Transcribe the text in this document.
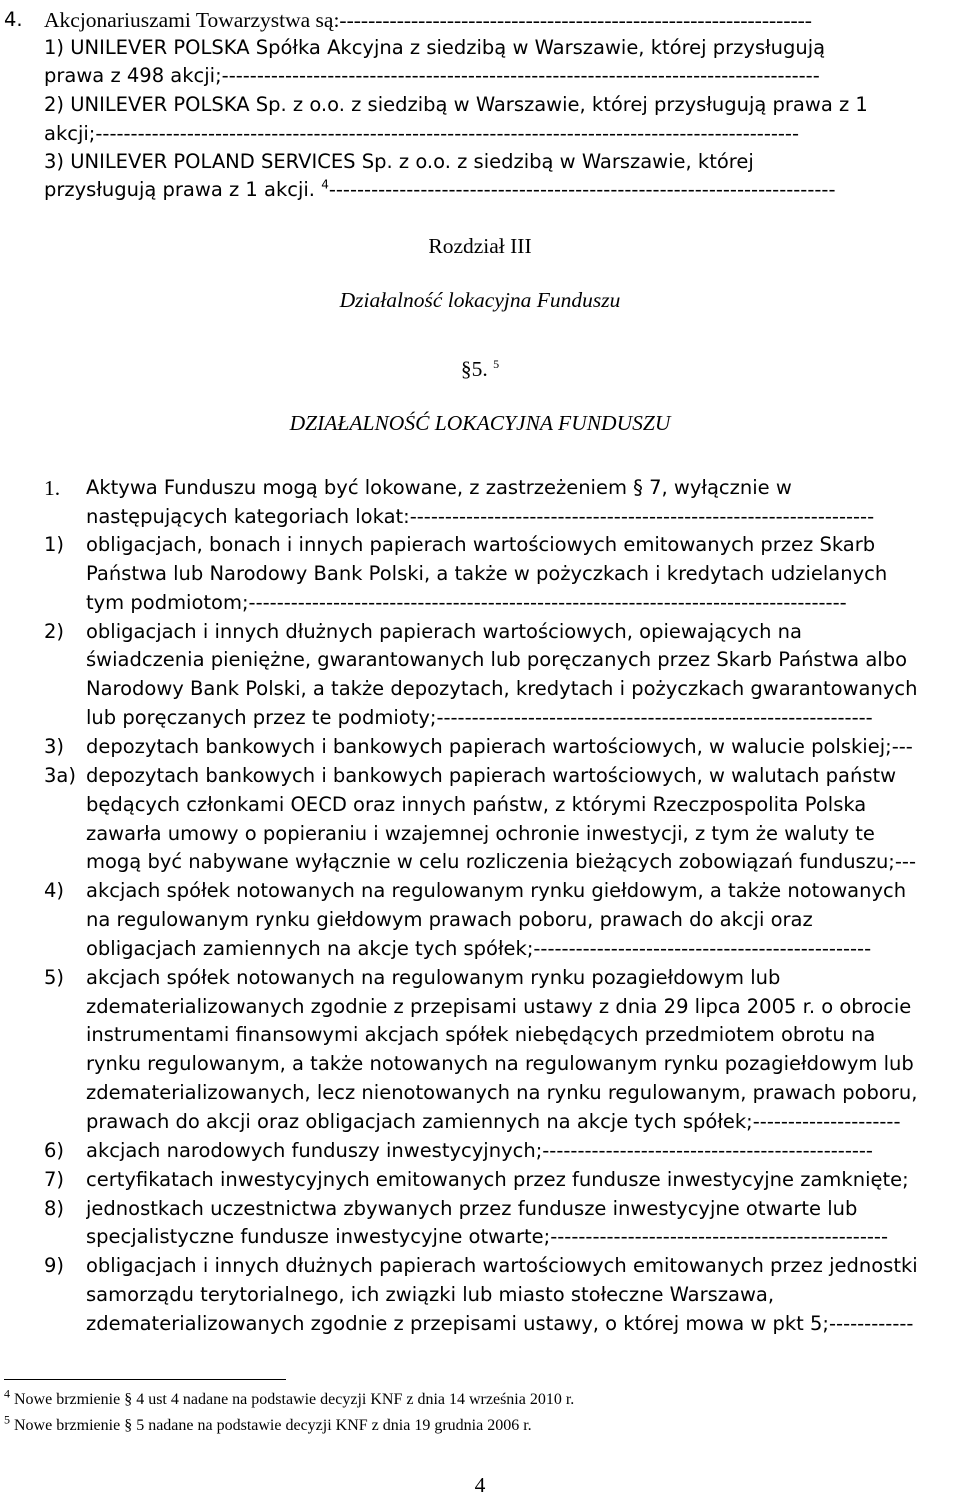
4. Akcjonariuszami Towarzystwa są:------------------------------------------------------------------
1) UNILEVER POLSKA Spółka Akcyjna z siedzibą w Warszawie, której przysługują
prawa z 498 akcji;-------------------------------------------------------------------------------------
2) UNILEVER POLSKA Sp. z o.o. z siedzibą w Warszawie, której przysługują prawa z 1
akcji;----------------------------------------------------------------------------------------------------
3) UNILEVER POLAND SERVICES Sp. z o.o. z siedzibą w Warszawie, której
przysługują prawa z 1 akcji. $^4$------------------------------------------------------------------------
Rozdział III
Działalność lokacyjna Funduszu
§5. $^5$
DZIAŁALNOŚĆ LOKACYJNA FUNDUSZU
1. Aktywa Funduszu mogą być lokowane, z zastrzeżeniem § 7, wyłącznie w
następujących kategoriach lokat:------------------------------------------------------------------
1) obligacjach, bonach i innych papierach wartościowych emitowanych przez Skarb
Państwa lub Narodowy Bank Polski, a także w pożyczkach i kredytach udzielanych
tym podmiotom;-------------------------------------------------------------------------------------
2) obligacjach i innych dłużnych papierach wartościowych, opiewających na
świadczenia pieniężne, gwarantowanych lub poręczanych przez Skarb Państwa albo
Narodowy Bank Polski, a także depozytach, kredytach i pożyczkach gwarantowanych
lub poręczanych przez te podmioty;--------------------------------------------------------------
3) depozytach bankowych i bankowych papierach wartościowych, w walucie polskiej;---
3a) depozytach bankowych i bankowych papierach wartościowych, w walutach państw
będących członkami OECD oraz innych państw, z którymi Rzeczpospolita Polska
zawarła umowy o popieraniu i wzajemnej ochronie inwestycji, z tym że waluty te
mogą być nabywane wyłącznie w celu rozliczenia bieżących zobowiązań funduszu;---
4) akcjach spółek notowanych na regulowanym rynku giełdowym, a także notowanych
na regulowanym rynku giełdowym prawach poboru, prawach do akcji oraz
obligacjach zamiennych na akcje tych spółek;------------------------------------------------
5) akcjach spółek notowanych na regulowanym rynku pozagiełdowym lub
zdematerializowanych zgodnie z przepisami ustawy z dnia 29 lipca 2005 r. o obrocie
instrumentami finansowymi akcjach spółek niebędących przedmiotem obrotu na
rynku regulowanym, a także notowanych na regulowanym rynku pozagiełdowym lub
zdematerializowanych, lecz nienotowanych na rynku regulowanym, prawach poboru,
prawach do akcji oraz obligacjach zamiennych na akcje tych spółek;---------------------
6) akcjach narodowych funduszy inwestycyjnych;-----------------------------------------------
7) certyfikatach inwestycyjnych emitowanych przez fundusze inwestycyjne zamknięte;
8) jednostkach uczestnictwa zbywanych przez fundusze inwestycyjne otwarte lub
specjalistyczne fundusze inwestycyjne otwarte;------------------------------------------------
9) obligacjach i innych dłużnych papierach wartościowych emitowanych przez jednostki
samorządu terytorialnego, ich związki lub miasto stołeczne Warszawa,
zdematerializowanych zgodnie z przepisami ustawy, o której mowa w pkt 5;------------
$^4$ Nowe brzmienie § 4 ust 4 nadane na podstawie decyzji KNF z dnia 14 września 2010 r.
$^5$ Nowe brzmienie § 5 nadane na podstawie decyzji KNF z dnia 19 grudnia 2006 r.
4
